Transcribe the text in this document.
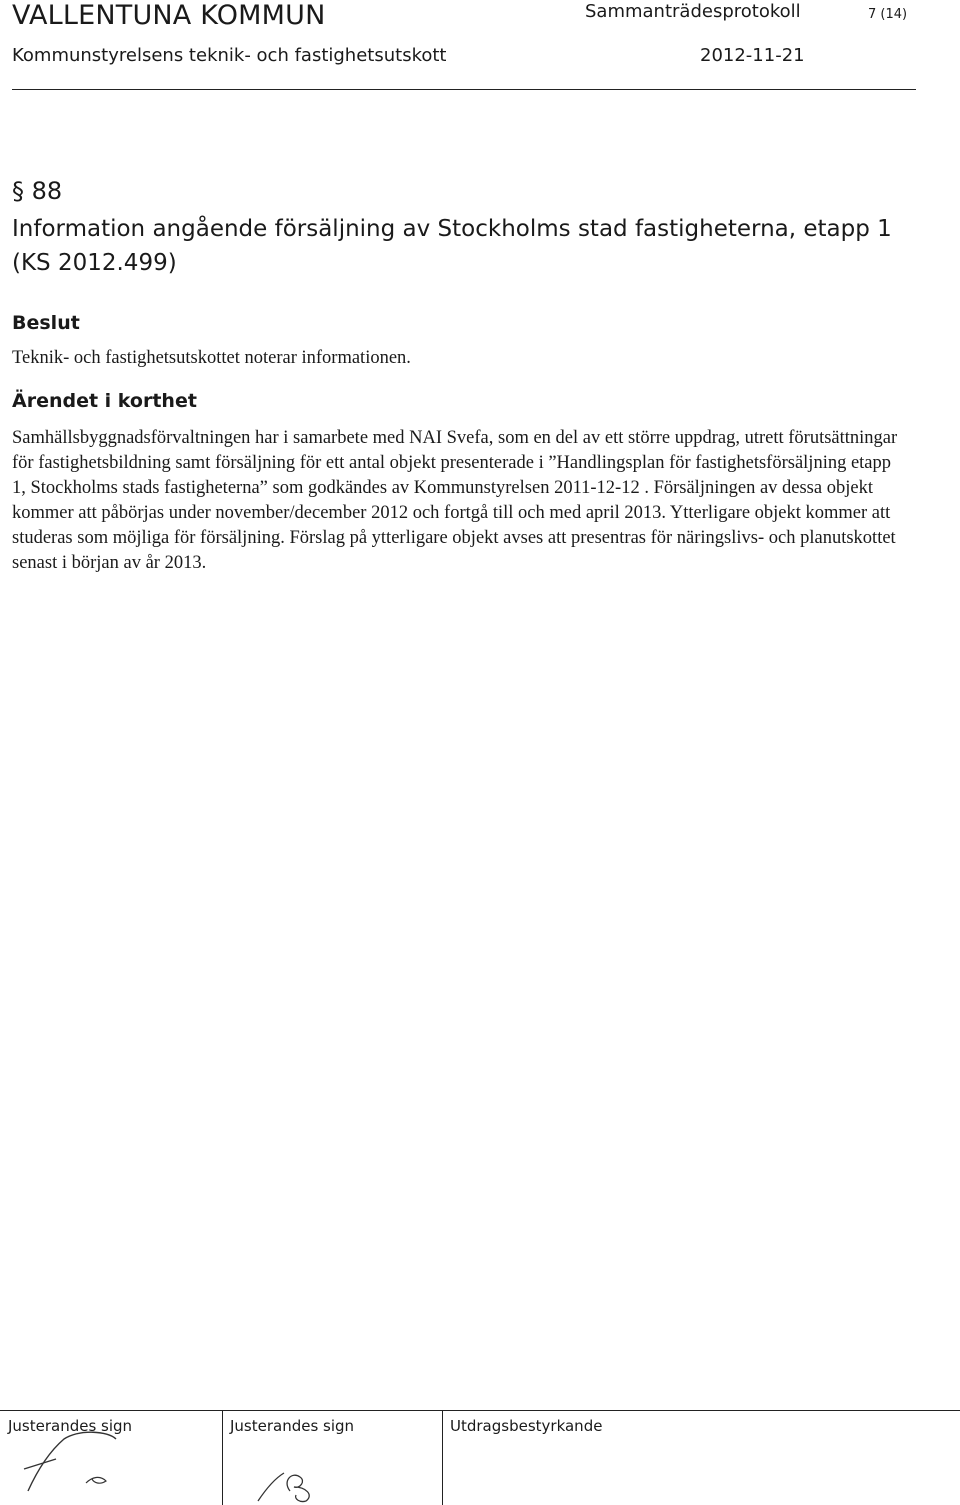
VALLENTUNA KOMMUN	Sammanträdesprotokoll	7 (14)
Kommunstyrelsens teknik- och fastighetsutskott	2012-11-21
§ 88
Information angående försäljning av Stockholms stad fastigheterna, etapp 1 (KS 2012.499)
Beslut
Teknik- och fastighetsutskottet noterar informationen.
Ärendet i korthet
Samhällsbyggnadsförvaltningen har i samarbete med NAI Svefa, som en del av ett större uppdrag, utrett förutsättningar för fastighetsbildning samt försäljning för ett antal objekt presenterade i ”Handlingsplan för fastighetsförsäljning etapp 1, Stockholms stads fastigheterna” som godkändes av Kommunstyrelsen 2011-12-12 . Försäljningen av dessa objekt kommer att påbörjas under november/december 2012 och fortgå till och med april 2013. Ytterligare objekt kommer att studeras som möjliga för försäljning. Förslag på ytterligare objekt avses att presentras för näringslivs- och planutskottet senast i början av år 2013.
Justerandes sign	Justerandes sign	Utdragsbestyrkande
